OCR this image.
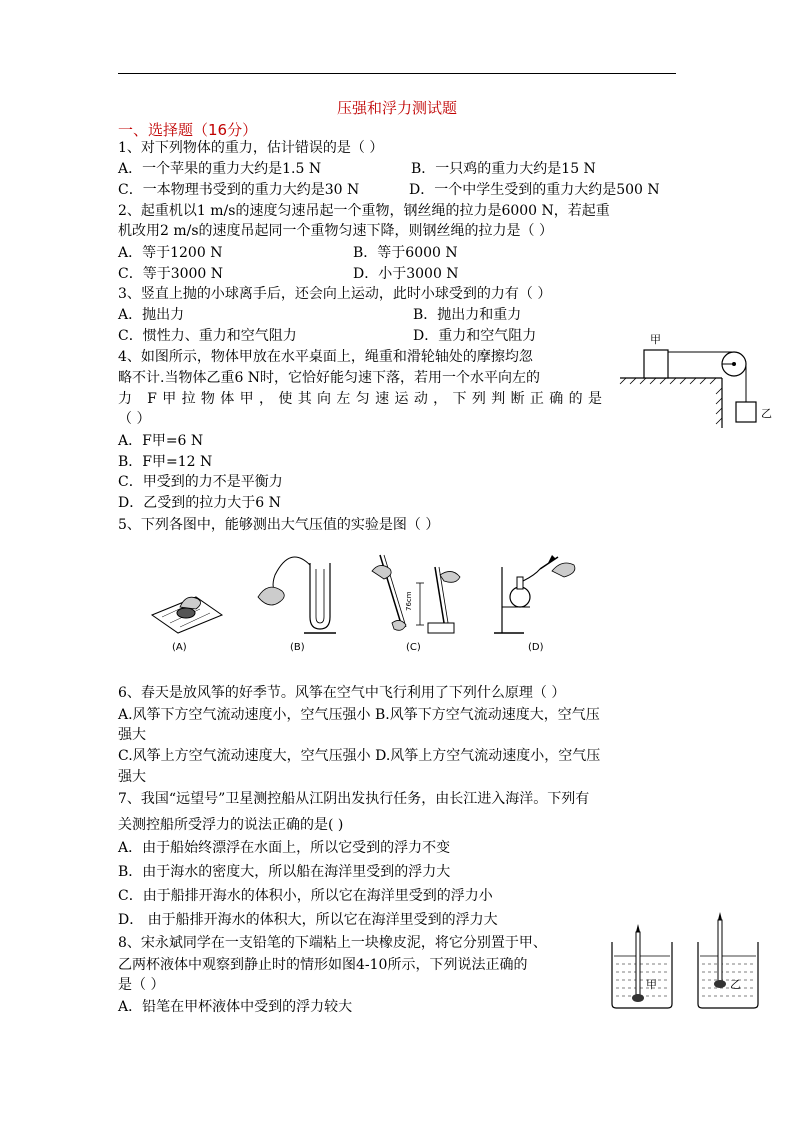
压强和浮力测试题
一、选择题（16分）
1、对下列物体的重力，估计错误的是（ ）
A．一个苹果的重力大约是1.5 N	B．一只鸡的重力大约是15 N
C．一本物理书受到的重力大约是30 N	D．一个中学生受到的重力大约是500 N
2、起重机以1 m/s的速度匀速吊起一个重物，钢丝绳的拉力是6000 N，若起重
机改用2 m/s的速度吊起同一个重物匀速下降，则钢丝绳的拉力是（ ）
A．等于1200 N	B．等于6000 N
C．等于3000 N	D．小于3000 N
3、竖直上抛的小球离手后，还会向上运动，此时小球受到的力有（ ）
A．抛出力	B．抛出力和重力
C．惯性力、重力和空气阻力	D．重力和空气阻力
4、如图所示，物体甲放在水平桌面上，绳重和滑轮轴处的摩擦均忽
略不计.当物体乙重6 N时，它恰好能匀速下落，若用一个水平向左的
力 F甲拉物体甲，使其向左匀速运动，下列判断正确的是
（ ）
A．F甲=6 N
B．F甲=12 N
C．甲受到的力不是平衡力
D．乙受到的拉力大于6 N
甲
乙
5、下列各图中，能够测出大气压值的实验是图（ ）
(A)	(B)
76cm
(C)	(D)
6、春天是放风筝的好季节。风筝在空气中飞行利用了下列什么原理（ ）
A.风筝下方空气流动速度小，空气压强小 B.风筝下方空气流动速度大，空气压
强大
C.风筝上方空气流动速度大，空气压强小 D.风筝上方空气流动速度小，空气压
强大
7、我国“远望号”卫星测控船从江阴出发执行任务，由长江进入海洋。下列有
关测控船所受浮力的说法正确的是( )
A．由于船始终漂浮在水面上，所以它受到的浮力不变
B．由于海水的密度大，所以船在海洋里受到的浮力大
C．由于船排开海水的体积小，所以它在海洋里受到的浮力小
D． 由于船排开海水的体积大，所以它在海洋里受到的浮力大
8、宋永斌同学在一支铅笔的下端粘上一块橡皮泥，将它分别置于甲、
乙两杯液体中观察到静止时的情形如图4-10所示，下列说法正确的
是（ ）
A．铅笔在甲杯液体中受到的浮力较大
甲	乙
